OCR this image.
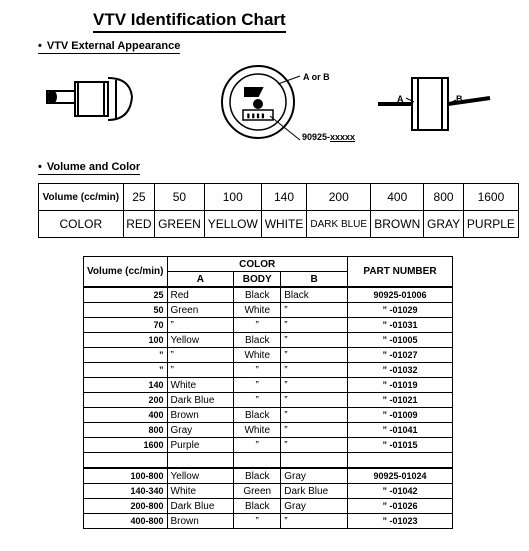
VTV Identification Chart
• VTV External Appearance
▮▮▮▮
A or B
90925-xxxxx
A	B
• Volume and Color
Volume (cc/min)	25	50	100	140	200	400	800	1600
COLOR	RED	GREEN	YELLOW	WHITE	DARK BLUE	BROWN	GRAY	PURPLE
Volume (cc/min)	COLOR			PART NUMBER
	A	BODY	B	
25	Red	Black	Black	90925-01006
50	Green	White	”	” -01029
70	”	”	”	” -01031
100	Yellow	Black	”	” -01005
”	”	White	”	” -01027
”	”	”	”	” -01032
140	White	”	”	” -01019
200	Dark Blue	”	”	” -01021
400	Brown	Black	”	” -01009
800	Gray	White	”	” -01041
1600	Purple	”	”	” -01015

100-800	Yellow	Black	Gray	90925-01024
140-340	White	Green	Dark Blue	” -01042
200-800	Dark Blue	Black	Gray	” -01026
400-800	Brown	”	”	” -01023
